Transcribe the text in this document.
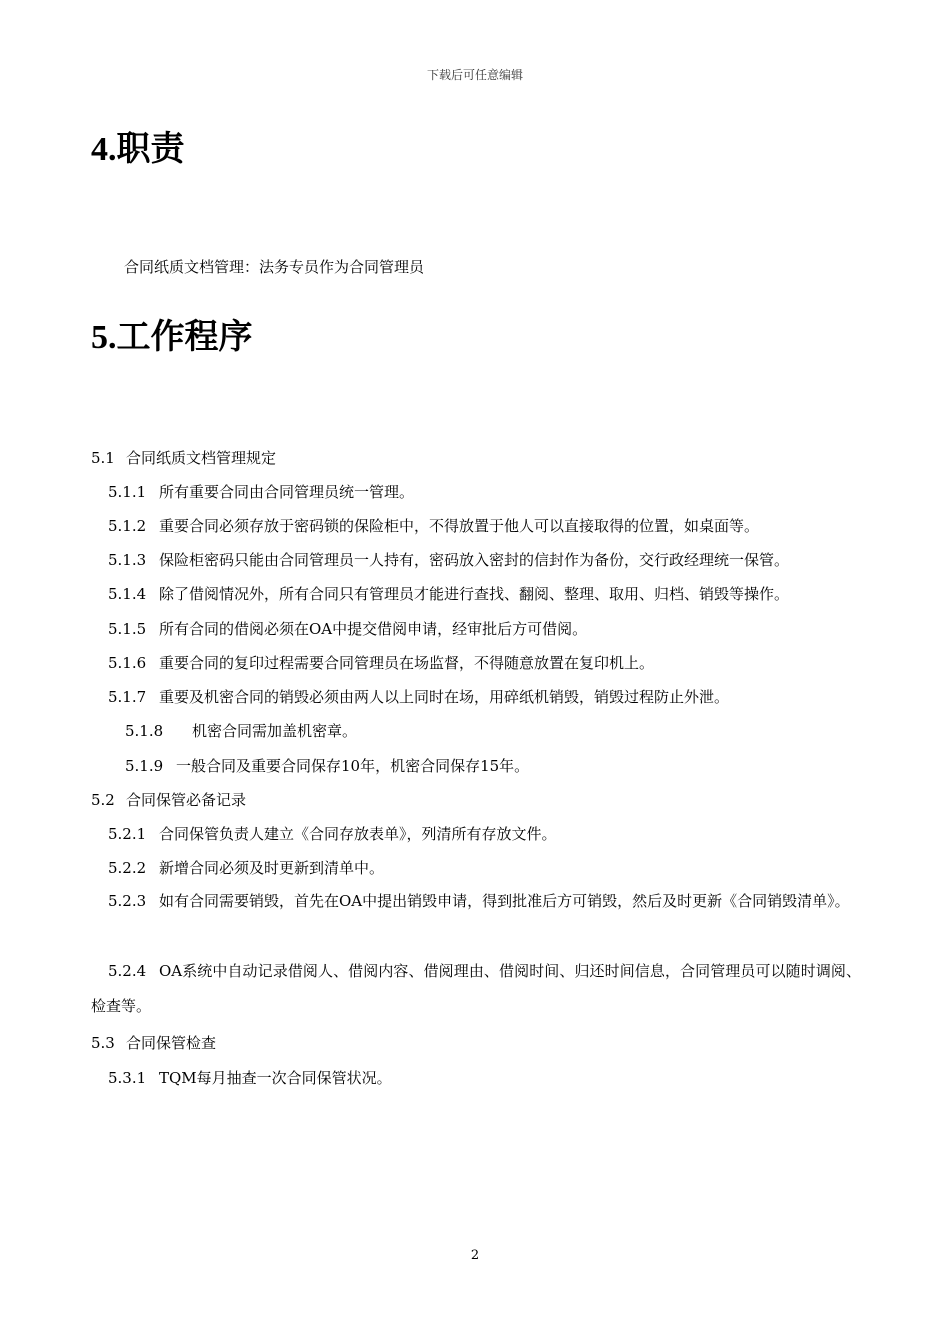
下载后可任意编辑
4.职责
合同纸质文档管理：法务专员作为合同管理员
5.工作程序
5.1 合同纸质文档管理规定
5.1.1 所有重要合同由合同管理员统一管理。
5.1.2 重要合同必须存放于密码锁的保险柜中，不得放置于他人可以直接取得的位置，如桌面等。
5.1.3 保险柜密码只能由合同管理员一人持有，密码放入密封的信封作为备份，交行政经理统一保管。
5.1.4 除了借阅情况外，所有合同只有管理员才能进行查找、翻阅、整理、取用、归档、销毁等操作。
5.1.5 所有合同的借阅必须在OA中提交借阅申请，经审批后方可借阅。
5.1.6 重要合同的复印过程需要合同管理员在场监督，不得随意放置在复印机上。
5.1.7 重要及机密合同的销毁必须由两人以上同时在场，用碎纸机销毁，销毁过程防止外泄。
5.1.8 机密合同需加盖机密章。
5.1.9 一般合同及重要合同保存10年，机密合同保存15年。
5.2 合同保管必备记录
5.2.1 合同保管负责人建立《合同存放表单》，列清所有存放文件。
5.2.2 新增合同必须及时更新到清单中。
5.2.3 如有合同需要销毁，首先在OA中提出销毁申请，得到批准后方可销毁，然后及时更新《合同销毁清单》。
5.2.4 OA系统中自动记录借阅人、借阅内容、借阅理由、借阅时间、归还时间信息，合同管理员可以随时调阅、检查等。
5.3 合同保管检查
5.3.1 TQM每月抽查一次合同保管状况。
2
